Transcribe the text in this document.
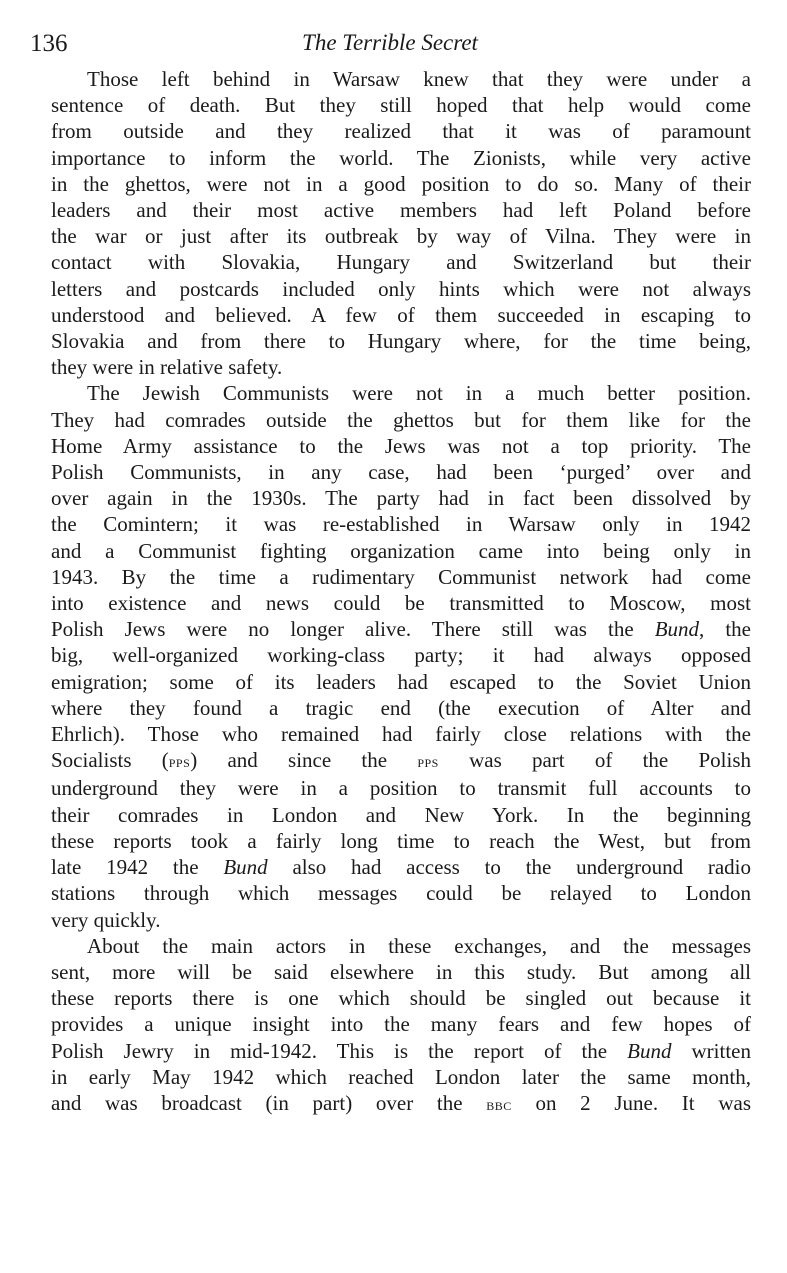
136	The Terrible Secret

Those left behind in Warsaw knew that they were under a
sentence of death. But they still hoped that help would come
from outside and they realized that it was of paramount
importance to inform the world. The Zionists, while very active
in the ghettos, were not in a good position to do so. Many of their
leaders and their most active members had left Poland before
the war or just after its outbreak by way of Vilna. They were in
contact with Slovakia, Hungary and Switzerland but their
letters and postcards included only hints which were not always
understood and believed. A few of them succeeded in escaping to
Slovakia and from there to Hungary where, for the time being,
they were in relative safety.

The Jewish Communists were not in a much better position.
They had comrades outside the ghettos but for them like for the
Home Army assistance to the Jews was not a top priority. The
Polish Communists, in any case, had been ‘purged’ over and
over again in the 1930s. The party had in fact been dissolved by
the Comintern; it was re-established in Warsaw only in 1942
and a Communist fighting organization came into being only in
1943. By the time a rudimentary Communist network had come
into existence and news could be transmitted to Moscow, most
Polish Jews were no longer alive. There still was the Bund, the
big, well-organized working-class party; it had always opposed
emigration; some of its leaders had escaped to the Soviet Union
where they found a tragic end (the execution of Alter and
Ehrlich). Those who remained had fairly close relations with the
Socialists (pps) and since the pps was part of the Polish
underground they were in a position to transmit full accounts to
their comrades in London and New York. In the beginning
these reports took a fairly long time to reach the West, but from
late 1942 the Bund also had access to the underground radio
stations through which messages could be relayed to London
very quickly.

About the main actors in these exchanges, and the messages
sent, more will be said elsewhere in this study. But among all
these reports there is one which should be singled out because it
provides a unique insight into the many fears and few hopes of
Polish Jewry in mid-1942. This is the report of the Bund written
in early May 1942 which reached London later the same month,
and was broadcast (in part) over the bbc on 2 June. It was
